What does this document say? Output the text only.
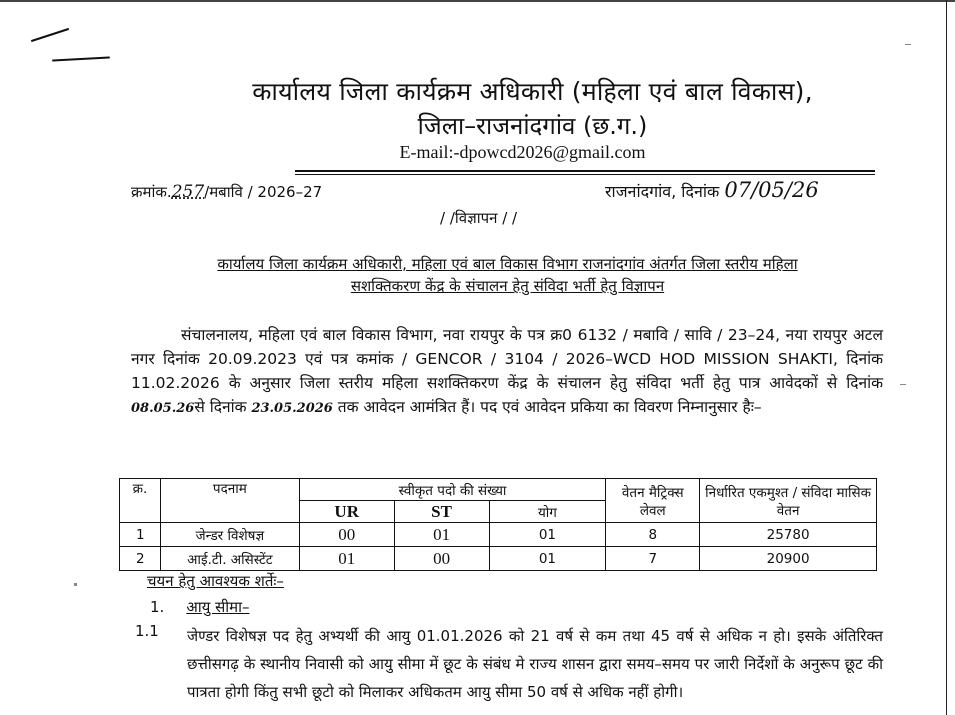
कार्यालय जिला कार्यक्रम अधिकारी (महिला एवं बाल विकास),
जिला–राजनांदगांव (छ.ग.)
E-mail:-dpowcd2026@gmail.com
क्रमांक.257/मबावि / 2026–27	राजनांदगांव, दिनांक 07/05/26
/ /विज्ञापन / /
कार्यालय जिला कार्यक्रम अधिकारी, महिला एवं बाल विकास विभाग राजनांदगांव अंतर्गत जिला स्तरीय महिला
सशक्तिकरण केंद्र के संचालन हेतु संविदा भर्ती हेतु विज्ञापन
संचालनालय, महिला एवं बाल विकास विभाग, नवा रायपुर के पत्र क्र0 6132 / मबावि / सावि / 23–24, नया रायपुर अटल नगर दिनांक 20.09.2023 एवं पत्र कमांक / GENCOR / 3104 / 2026–WCD HOD MISSION SHAKTI, दिनांक 11.02.2026 के अनुसार जिला स्तरीय महिला सशक्तिकरण केंद्र के संचालन हेतु संविदा भर्ती हेतु पात्र आवेदकों से दिनांक 08.05.26से दिनांक 23.05.2026 तक आवेदन आमंत्रित हैं। पद एवं आवेदन प्रकिया का विवरण निम्नानुसार हैः–
क्र.	पदनाम	स्वीकृत पदो की संख्या			वेतन मैट्रिक्स लेवल	निर्धारित एकमुश्त / संविदा मासिक वेतन
		UR	ST	योग		
1	जेन्डर विशेषज्ञ	00	01	01	8	25780
2	आई.टी. असिस्टेंट	01	00	01	7	20900
चयन हेतु आवश्यक शर्तेः–
1. आयु सीमा–
1.1 जेण्डर विशेषज्ञ पद हेतु अभ्यर्थी की आयु 01.01.2026 को 21 वर्ष से कम तथा 45 वर्ष से अधिक न हो। इसके अंतिरिक्त छत्तीसगढ़ के स्थानीय निवासी को आयु सीमा में छूट के संबंध मे राज्य शासन द्वारा समय–समय पर जारी निर्देशों के अनुरूप छूट की पात्रता होगी किंतु सभी छूटो को मिलाकर अधिकतम आयु सीमा 50 वर्ष से अधिक नहीं होगी।
